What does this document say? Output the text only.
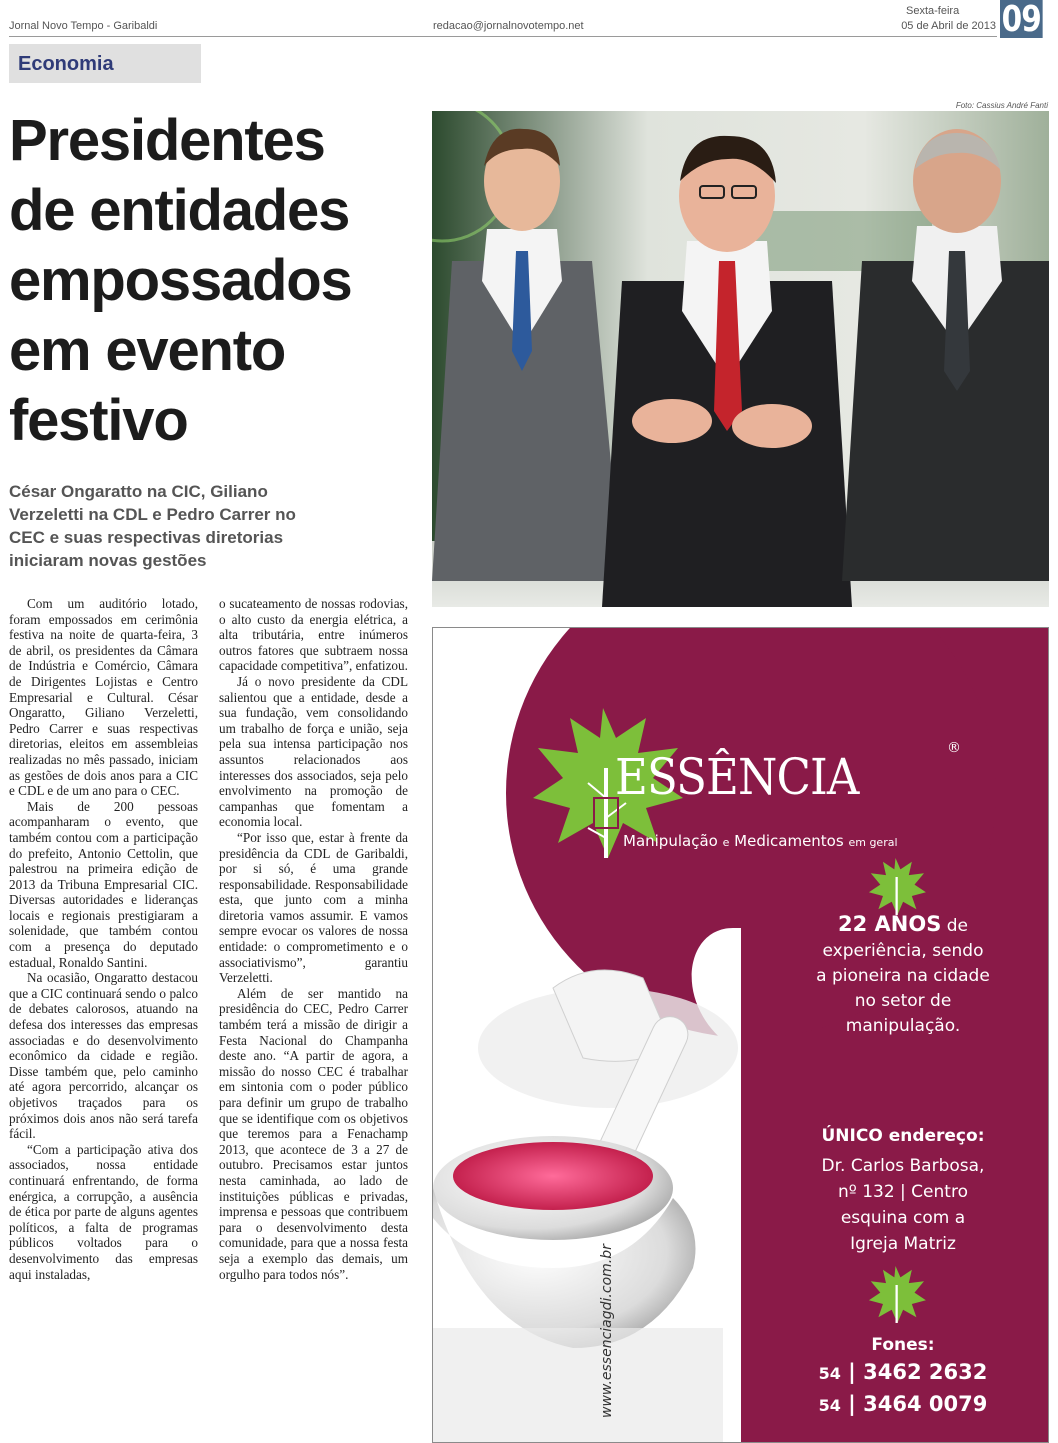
Jornal Novo Tempo - Garibaldi	redacao@jornalnovotempo.net
Sexta-feira
05 de Abril de 2013 09
Economia
Presidentes
de entidades
empossados
em evento
festivo
César Ongaratto na CIC, Giliano
Verzeletti na CDL e Pedro Carrer no
CEC e suas respectivas diretorias
iniciaram novas gestões

Com um auditório lotado, foram empossados em cerimônia festiva na noite de quarta-feira, 3 de abril, os presidentes da Câmara de Indústria e Comércio, Câmara de Dirigentes Lojistas e Centro Empresarial e Cultural. César Ongaratto, Giliano Verzeletti, Pedro Carrer e suas respectivas diretorias, eleitos em assembleias realizadas no mês passado, iniciam as gestões de dois anos para a CIC e CDL e de um ano para o CEC.

Mais de 200 pessoas acompanharam o evento, que também contou com a participação do prefeito, Antonio Cettolin, que palestrou na primeira edição de 2013 da Tribuna Empresarial CIC. Diversas autoridades e lideranças locais e regionais prestigiaram a solenidade, que também contou com a presença do deputado estadual, Ronaldo Santini.

Na ocasião, Ongaratto destacou que a CIC continuará sendo o palco de debates calorosos, atuando na defesa dos interesses das empresas associadas e do desenvolvimento econômico da cidade e região. Disse também que, pelo caminho até agora percorrido, alcançar os objetivos traçados para os próximos dois anos não será tarefa fácil.

“Com a participação ativa dos associados, nossa entidade continuará enfrentando, de forma enérgica, a corrupção, a ausência de ética por parte de alguns agentes políticos, a falta de programas públicos voltados para o desenvolvimento das empresas aqui instaladas,

o sucateamento de nossas rodovias, o alto custo da energia elétrica, a alta tributária, entre inúmeros outros fatores que subtraem nossa capacidade competitiva”, enfatizou.

Já o novo presidente da CDL salientou que a entidade, desde a sua fundação, vem consolidando um trabalho de força e união, seja pela sua intensa participação nos assuntos relacionados aos interesses dos associados, seja pelo envolvimento na promoção de campanhas que fomentam a economia local.

“Por isso que, estar à frente da presidência da CDL de Garibaldi, por si só, é uma grande responsabilidade. Responsabilidade esta, que junto com a minha diretoria vamos assumir. E vamos sempre evocar os valores de nossa entidade: o comprometimento e o associativismo”, garantiu Verzeletti.

Além de ser mantido na presidência do CEC, Pedro Carrer também terá a missão de dirigir a Festa Nacional do Champanha deste ano. “A partir de agora, a missão do nosso CEC é trabalhar em sintonia com o poder público para definir um grupo de trabalho que se identifique com os objetivos que teremos para a Fenachamp 2013, que acontece de 3 a 27 de outubro. Precisamos estar juntos nesta caminhada, ao lado de instituições públicas e privadas, imprensa e pessoas que contribuem para o desenvolvimento desta comunidade, para que a nossa festa seja a exemplo das demais, um orgulho para todos nós”.

Foto: Cassius André Fanti
ESSÊNCIA	®
Manipulação e Medicamentos em geral
22 ANOS de
experiência, sendo
a pioneira na cidade
no setor de
manipulação.
ÚNICO endereço:
Dr. Carlos Barbosa,
nº 132 | Centro
esquina com a
Igreja Matriz
Fones:
54 | 3462 2632
54 | 3464 0079
www.essenciagdi.com.br
